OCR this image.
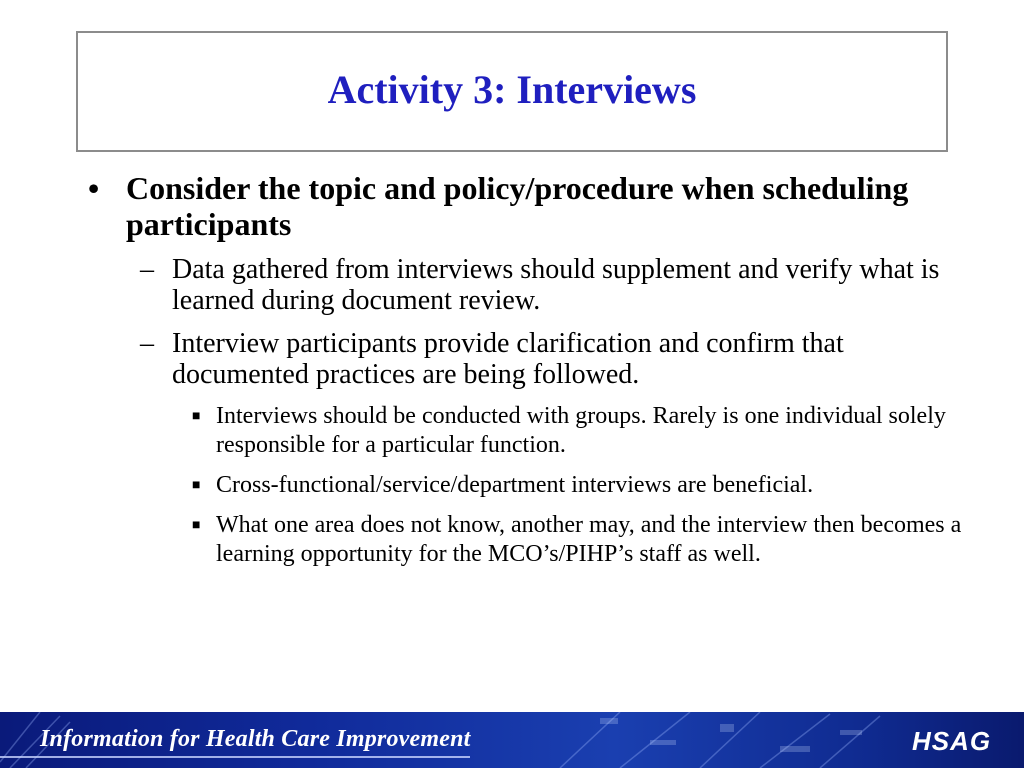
Activity 3: Interviews
• Consider the topic and policy/procedure when scheduling participants
– Data gathered from interviews should supplement and verify what is learned during document review.
– Interview participants provide clarification and confirm that documented practices are being followed.
■ Interviews should be conducted with groups. Rarely is one individual solely responsible for a particular function.
■ Cross-functional/service/department interviews are beneficial.
■ What one area does not know, another may, and the interview then becomes a learning opportunity for the MCO’s/PIHP’s staff as well.
Information for Health Care Improvement	HSAG
